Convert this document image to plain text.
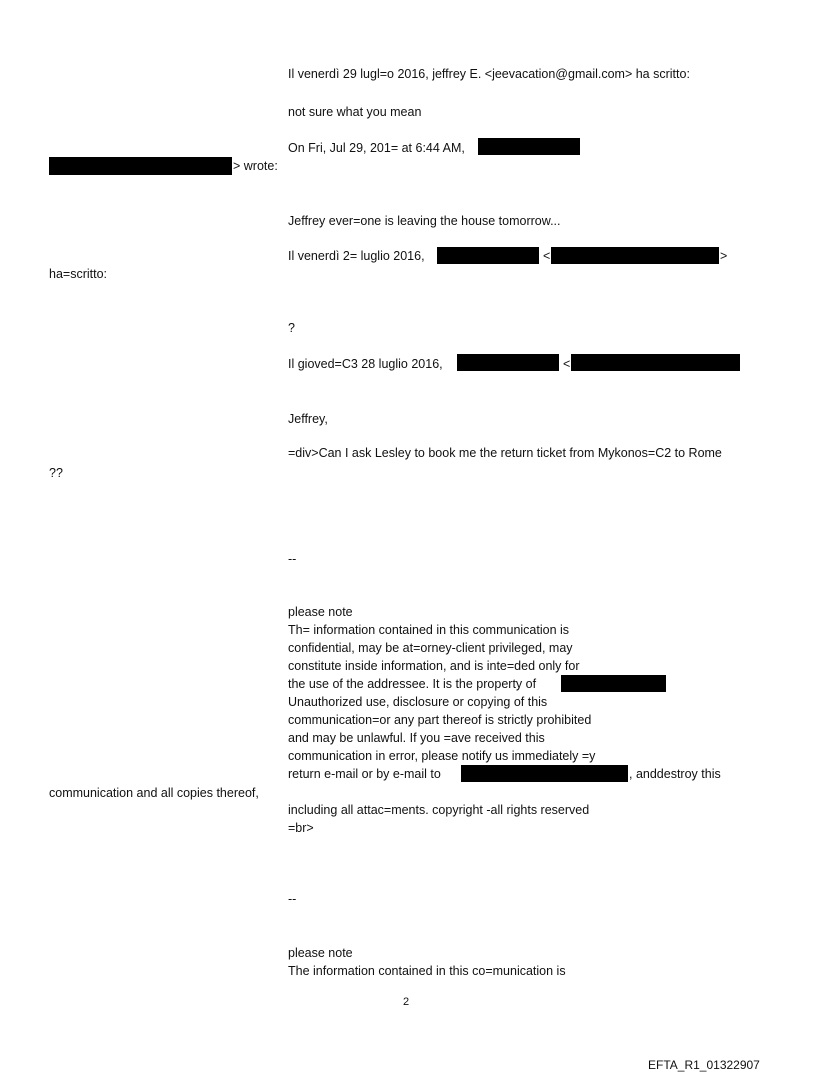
Il venerdì 29 lugl=o 2016, jeffrey E. <jeevacation@gmail.com> ha scritto:
not sure what you mean
On Fri, Jul 29, 201= at 6:44 AM,
> wrote:
Jeffrey ever=one is leaving the house tomorrow...
Il venerdì 2= luglio 2016,	<	>
ha=scritto:
?
Il gioved=C3 28 luglio 2016,	<
Jeffrey,
=div>Can I ask Lesley to book me the return ticket from Mykonos=C2 to Rome
??
--
please note
Th= information contained in this communication is
confidential, may be at=orney-client privileged, may
constitute inside information, and is inte=ded only for
the use of the addressee. It is the property of
Unauthorized use, disclosure or copying of this
communication=or any part thereof is strictly prohibited
and may be unlawful. If you =ave received this
communication in error, please notify us immediately =y
return e-mail or by e-mail to	, anddestroy this
communication and all copies thereof,
including all attac=ments. copyright -all rights reserved
=br>
--
please note
The information contained in this co=munication is
2
EFTA_R1_01322907
